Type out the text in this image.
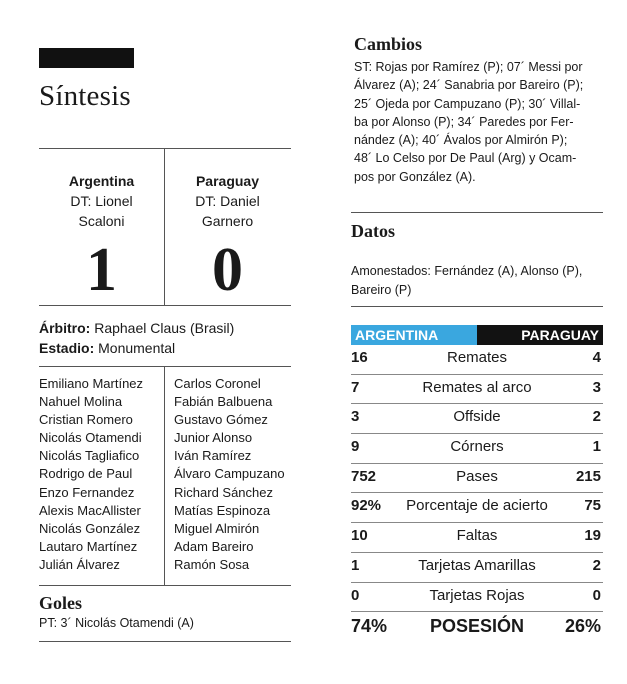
Síntesis
Argentina
DT: Lionel
Scaloni
1
Paraguay
DT: Daniel
Garnero
0
Árbitro: Raphael Claus (Brasil)
Estadio: Monumental
Emiliano Martínez
Nahuel Molina
Cristian Romero
Nicolás Otamendi
Nicolás Tagliafico
Rodrigo de Paul
Enzo Fernandez
Alexis MacAllister
Nicolás González
Lautaro Martínez
Julián Álvarez
Carlos Coronel
Fabián Balbuena
Gustavo Gómez
Junior Alonso
Iván Ramírez
Álvaro Campuzano
Richard Sánchez
Matías Espinoza
Miguel Almirón
Adam Bareiro
Ramón Sosa
Goles
PT: 3´ Nicolás Otamendi (A)
Cambios
ST: Rojas por Ramírez (P); 07´ Messi por
Álvarez (A); 24´ Sanabria por Bareiro (P);
25´ Ojeda por Campuzano (P); 30´ Villal-
ba por Alonso (P); 34´ Paredes por Fer-
nández (A); 40´ Ávalos por Almirón P);
48´ Lo Celso por De Paul (Arg) y Ocam-
pos por González (A).
Datos
Amonestados: Fernández (A), Alonso (P), Bareiro (P)
ARGENTINA	PARAGUAY
16	Remates	4
7	Remates al arco	3
3	Offside	2
9	Córners	1
752	Pases	215
92%	Porcentaje de acierto	75
10	Faltas	19
1	Tarjetas Amarillas	2
0	Tarjetas Rojas	0
74%	POSESIÓN	26%
